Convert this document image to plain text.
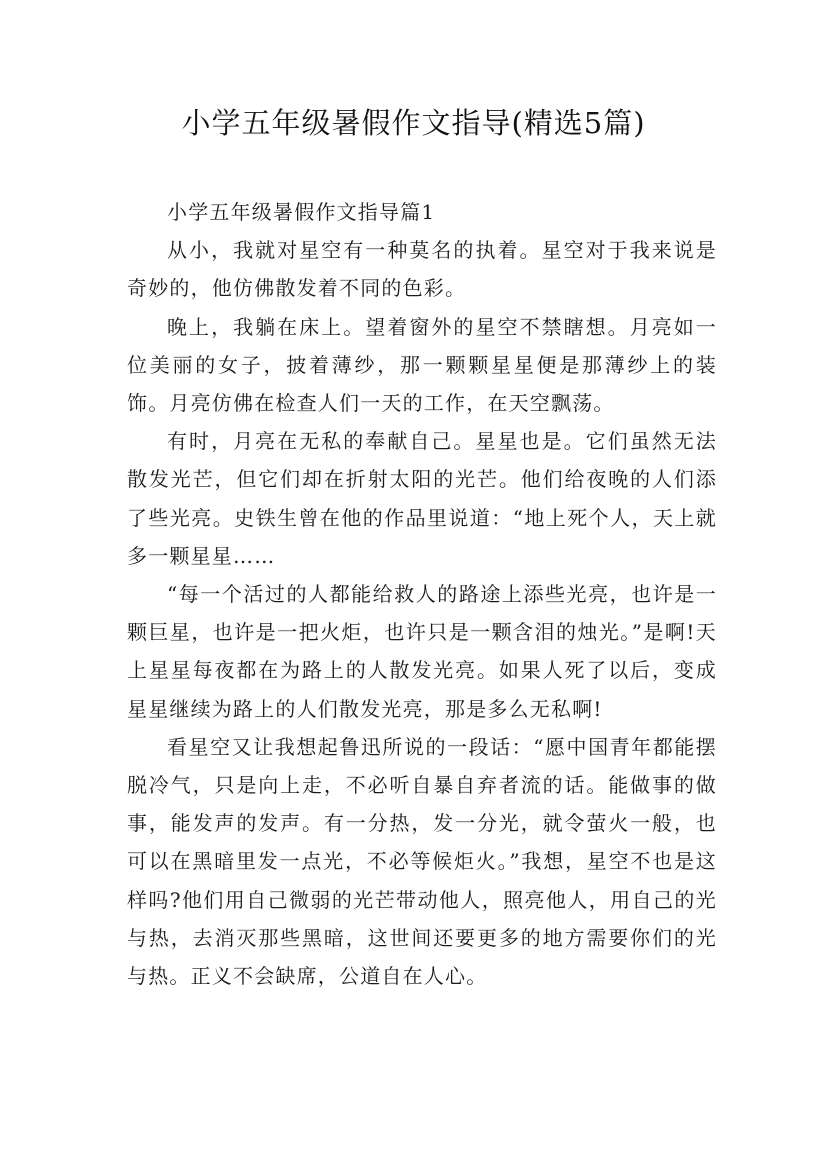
小学五年级暑假作文指导(精选5篇)

小学五年级暑假作文指导篇1

从小，我就对星空有一种莫名的执着。星空对于我来说是奇妙的，他仿佛散发着不同的色彩。

晚上，我躺在床上。望着窗外的星空不禁瞎想。月亮如一位美丽的女子，披着薄纱，那一颗颗星星便是那薄纱上的装饰。月亮仿佛在检查人们一天的工作，在天空飘荡。

有时，月亮在无私的奉献自己。星星也是。它们虽然无法散发光芒，但它们却在折射太阳的光芒。他们给夜晚的人们添了些光亮。史铁生曾在他的作品里说道：“地上死个人，天上就多一颗星星……

“每一个活过的人都能给救人的路途上添些光亮，也许是一颗巨星，也许是一把火炬，也许只是一颗含泪的烛光。”是啊!天上星星每夜都在为路上的人散发光亮。如果人死了以后，变成星星继续为路上的人们散发光亮，那是多么无私啊!

看星空又让我想起鲁迅所说的一段话：“愿中国青年都能摆脱冷气，只是向上走，不必听自暴自弃者流的话。能做事的做事，能发声的发声。有一分热，发一分光，就令萤火一般，也可以在黑暗里发一点光，不必等候炬火。”我想，星空不也是这样吗?他们用自己微弱的光芒带动他人，照亮他人，用自己的光与热，去消灭那些黑暗，这世间还要更多的地方需要你们的光与热。正义不会缺席，公道自在人心。
